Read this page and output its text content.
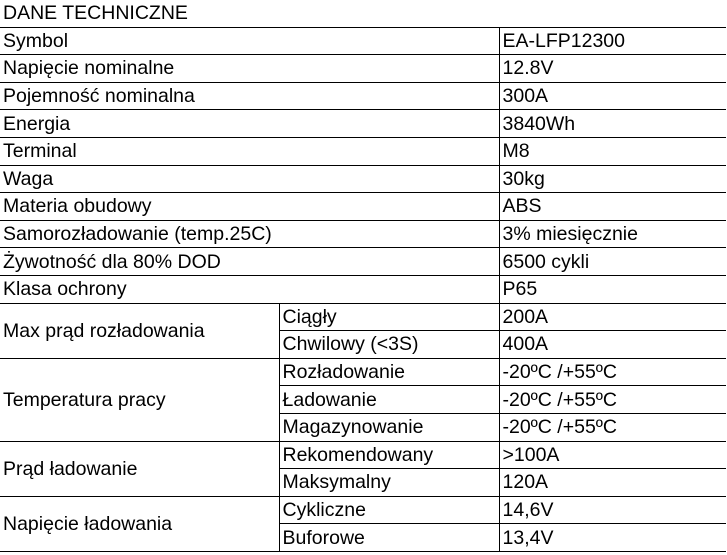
DANE TECHNICZNE		
Symbol		EA-LFP12300
Napięcie nominalne		12.8V
Pojemność nominalna		300A
Energia		3840Wh
Terminal		M8
Waga		30kg
Materia obudowy		ABS
Samorozładowanie (temp.25C)		3% miesięcznie
Żywotność dla 80% DOD		6500 cykli
Klasa ochrony		P65
Max prąd rozładowania	Ciągły	200A
	Chwilowy (<3S)	400A
Temperatura pracy	Rozładowanie	-20ºC /+55ºC
	Ładowanie	-20ºC /+55ºC
	Magazynowanie	-20ºC /+55ºC
Prąd ładowanie	Rekomendowany	>100A
	Maksymalny	120A
Napięcie ładowania	Cykliczne	14,6V
	Buforowe	13,4V
